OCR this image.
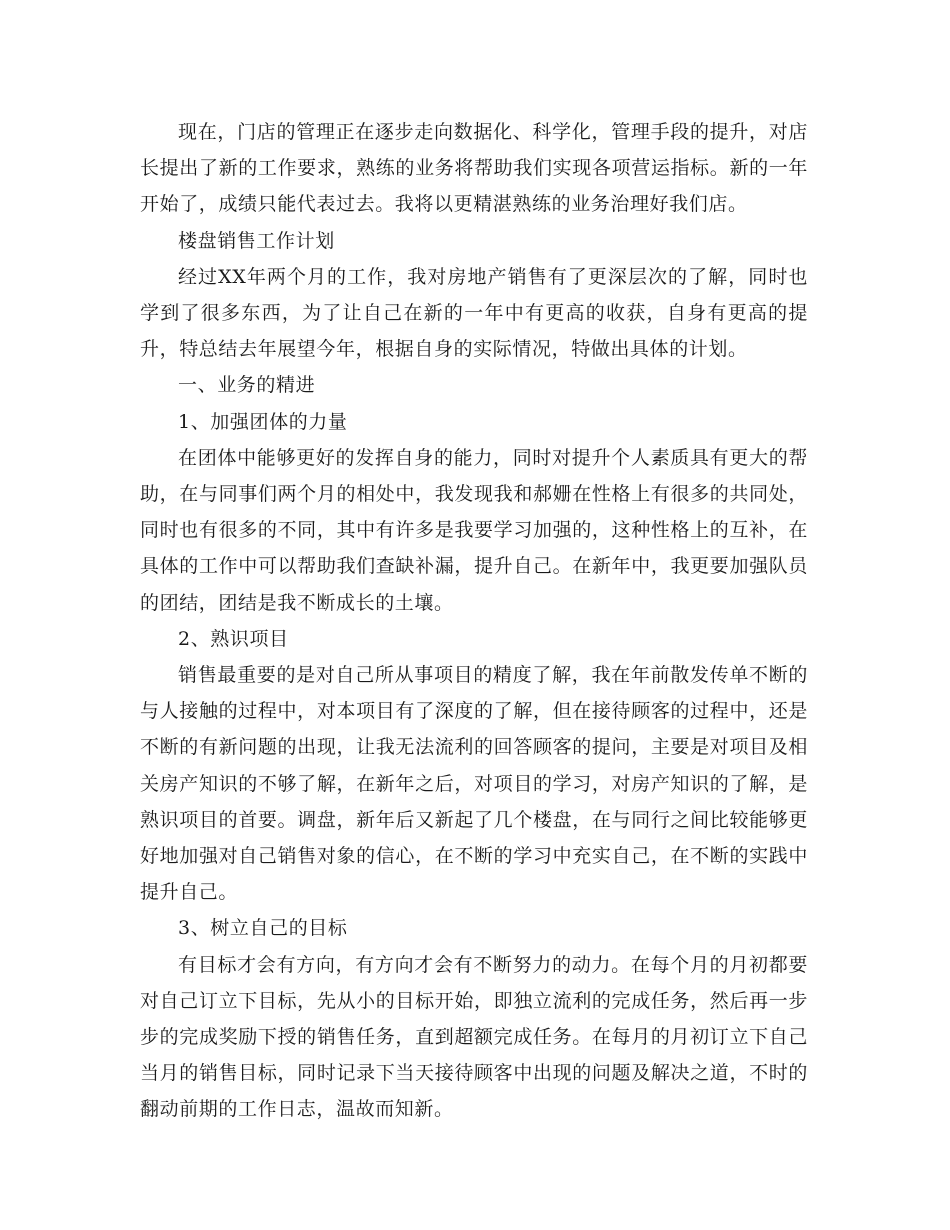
现在，门店的管理正在逐步走向数据化、科学化，管理手段的提升，对店长提出了新的工作要求，熟练的业务将帮助我们实现各项营运指标。新的一年开始了，成绩只能代表过去。我将以更精湛熟练的业务治理好我们店。

楼盘销售工作计划

经过XX年两个月的工作，我对房地产销售有了更深层次的了解，同时也学到了很多东西，为了让自己在新的一年中有更高的收获，自身有更高的提升，特总结去年展望今年，根据自身的实际情况，特做出具体的计划。

一、业务的精进

1、加强团体的力量

在团体中能够更好的发挥自身的能力，同时对提升个人素质具有更大的帮助，在与同事们两个月的相处中，我发现我和郝姗在性格上有很多的共同处，同时也有很多的不同，其中有许多是我要学习加强的，这种性格上的互补，在具体的工作中可以帮助我们查缺补漏，提升自己。在新年中，我更要加强队员的团结，团结是我不断成长的土壤。

2、熟识项目

销售最重要的是对自己所从事项目的精度了解，我在年前散发传单不断的与人接触的过程中，对本项目有了深度的了解，但在接待顾客的过程中，还是不断的有新问题的出现，让我无法流利的回答顾客的提问，主要是对项目及相关房产知识的不够了解，在新年之后，对项目的学习，对房产知识的了解，是熟识项目的首要。调盘，新年后又新起了几个楼盘，在与同行之间比较能够更好地加强对自己销售对象的信心，在不断的学习中充实自己，在不断的实践中提升自己。

3、树立自己的目标

有目标才会有方向，有方向才会有不断努力的动力。在每个月的月初都要对自己订立下目标，先从小的目标开始，即独立流利的完成任务，然后再一步步的完成奖励下授的销售任务，直到超额完成任务。在每月的月初订立下自己当月的销售目标，同时记录下当天接待顾客中出现的问题及解决之道，不时的翻动前期的工作日志，温故而知新。
